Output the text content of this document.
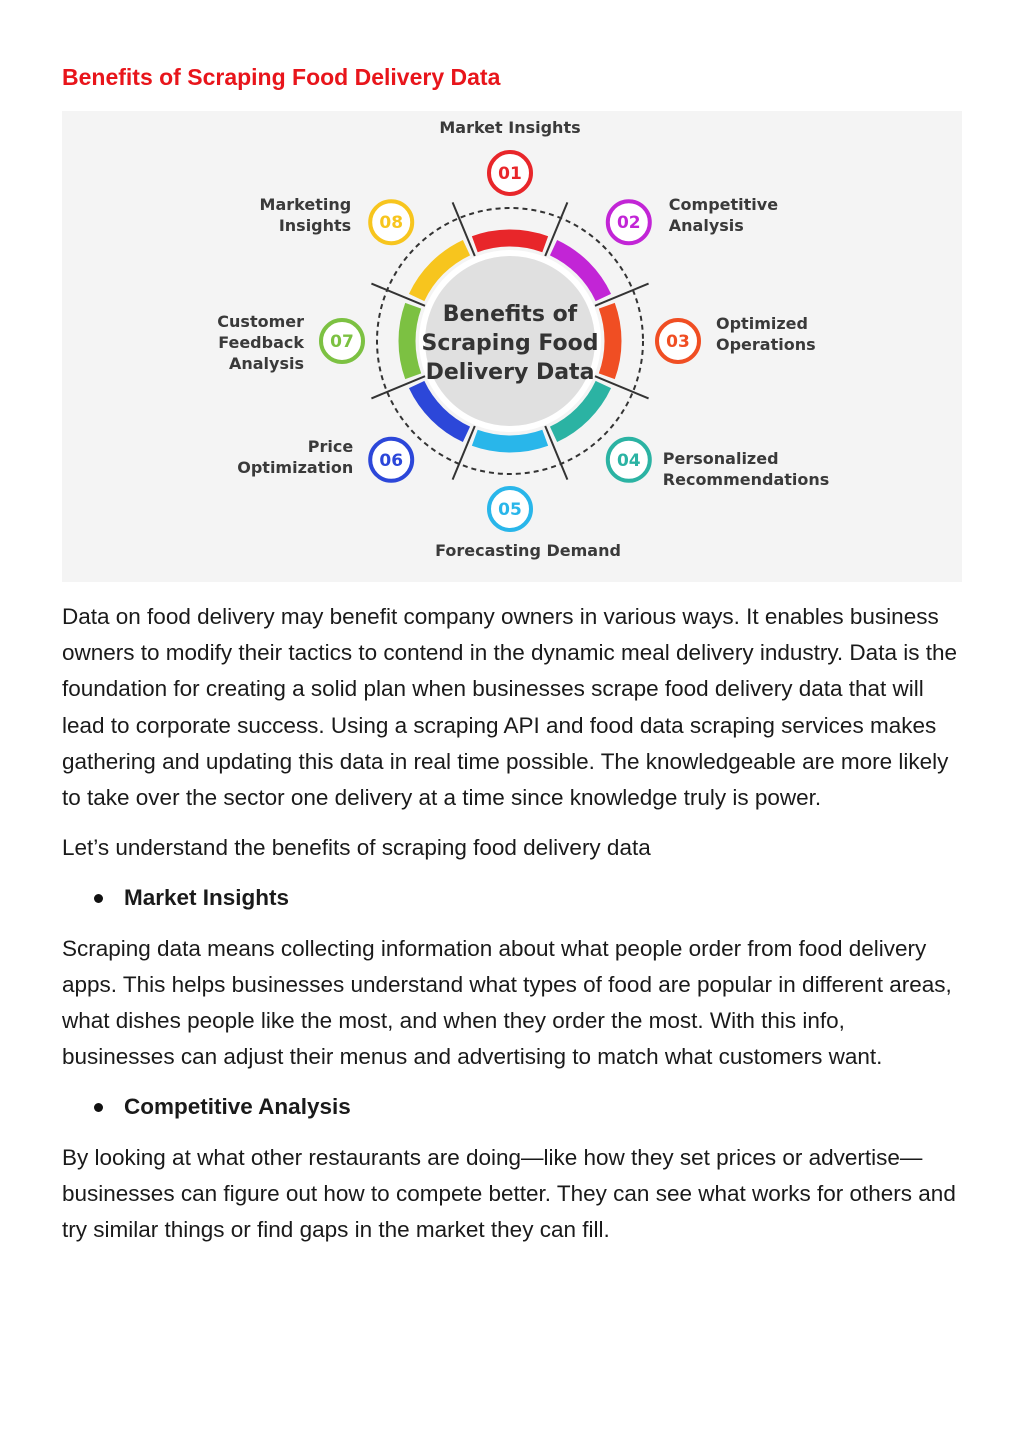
Benefits of Scraping Food Delivery Data
Benefits of
Scraping Food
Delivery Data
01
Market Insights
02
Competitive
Analysis
03
Optimized
Operations
04 Personalized
Recommendations
05
Forecasting Demand
06
Price
Optimization
07
Customer
Feedback
Analysis
08
Marketing
Insights

Data on food delivery may benefit company owners in various ways. It enables business owners to modify their tactics to contend in the dynamic meal delivery industry. Data is the foundation for creating a solid plan when businesses scrape food delivery data that will lead to corporate success. Using a scraping API and food data scraping services makes gathering and updating this data in real time possible. The knowledgeable are more likely to take over the sector one delivery at a time since knowledge truly is power.

Let’s understand the benefits of scraping food delivery data

Market Insights

Scraping data means collecting information about what people order from food delivery apps. This helps businesses understand what types of food are popular in different areas, what dishes people like the most, and when they order the most. With this info, businesses can adjust their menus and advertising to match what customers want.

Competitive Analysis

By looking at what other restaurants are doing—like how they set prices or advertise—businesses can figure out how to compete better. They can see what works for others and try similar things or find gaps in the market they can fill.
